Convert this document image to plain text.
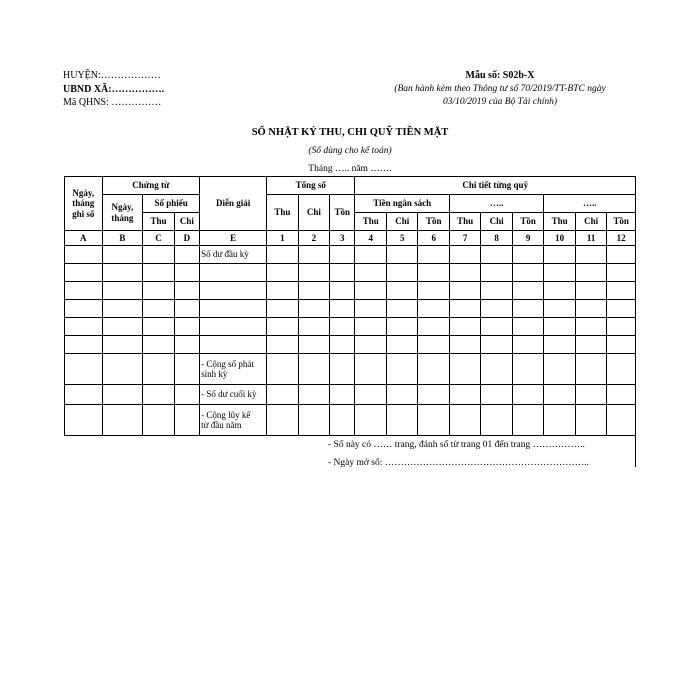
HUYỆN:………………
UBND XÃ:…………….
Mã QHNS: ……………
Mẫu số: S02b-X
(Ban hành kèm theo Thông tư số 70/2019/TT-BTC ngày
03/10/2019 của Bộ Tài chính)
SỔ NHẬT KÝ THU, CHI QUỸ TIỀN MẶT
(Sổ dùng cho kế toán)
Tháng ….. năm …….
Ngày,
tháng
ghi sổ	Chứng từ			Diễn giải	Tổng số			Chi tiết từng quỹ								

	Ngày,
tháng	Số phiếu			Thu	Chi	Tồn	Tiền ngân sách			…..			…..		
		Thu	Chi					Thu	Chi	Tồn	Thu	Chi	Tồn	Thu	Chi	Tồn
A	B	C	D	E	1	2	3	4	5	6	7	8	9	10	11	12
				Số dư đầu kỳ												

				- Cộng số phát
sinh kỳ												

				- Số dư cuối kỳ												

				- Cộng lũy kế
từ đầu năm												

- Sổ này có …… trang, đánh số từ trang 01 đến trang ……………..
- Ngày mở sổ: ………………………………………………………..
